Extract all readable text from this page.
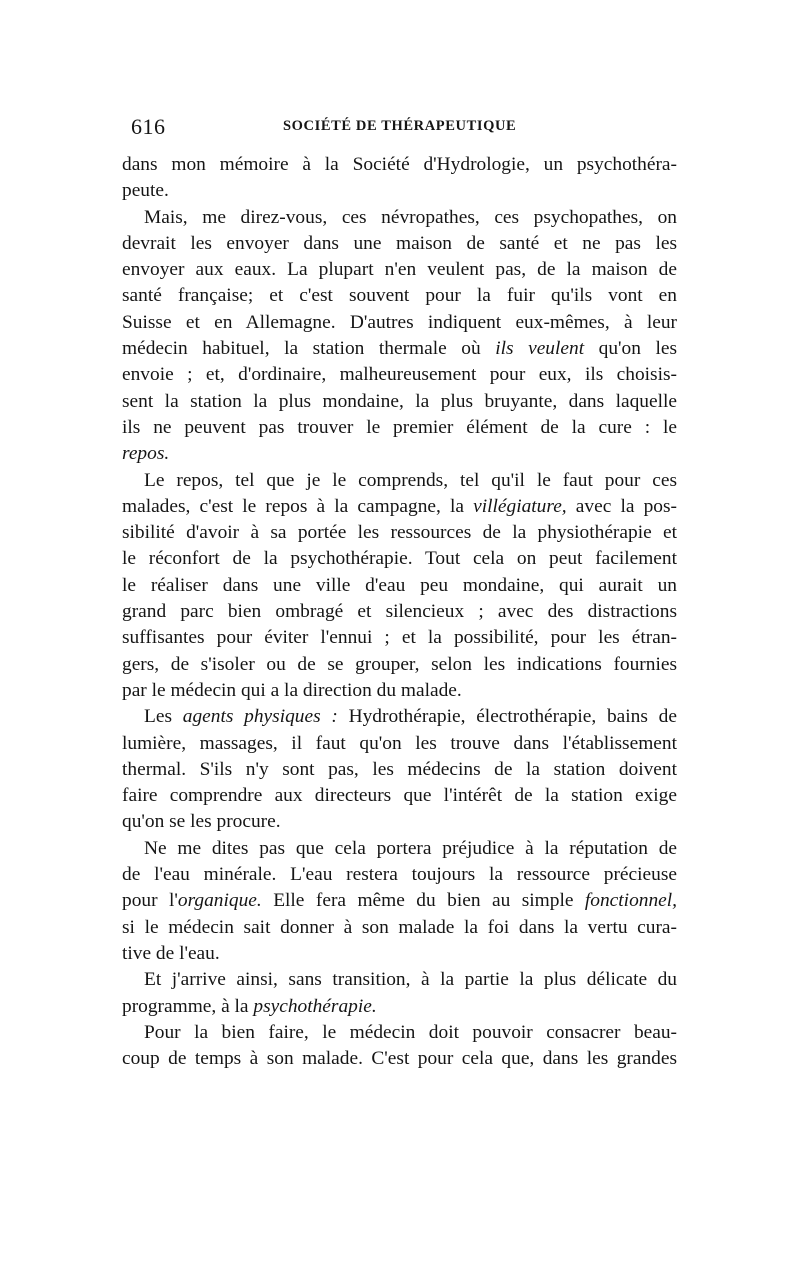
616	SOCIÉTÉ DE THÉRAPEUTIQUE
dans mon mémoire à la Société d'Hydrologie, un psychothéra-
peute.
Mais, me direz-vous, ces névropathes, ces psychopathes, on
devrait les envoyer dans une maison de santé et ne pas les
envoyer aux eaux. La plupart n'en veulent pas, de la maison de
santé française; et c'est souvent pour la fuir qu'ils vont en
Suisse et en Allemagne. D'autres indiquent eux-mêmes, à leur
médecin habituel, la station thermale où ils veulent qu'on les
envoie ; et, d'ordinaire, malheureusement pour eux, ils choisis-
sent la station la plus mondaine, la plus bruyante, dans laquelle
ils ne peuvent pas trouver le premier élément de la cure : le
repos.
Le repos, tel que je le comprends, tel qu'il le faut pour ces
malades, c'est le repos à la campagne, la villégiature, avec la pos-
sibilité d'avoir à sa portée les ressources de la physiothérapie et
le réconfort de la psychothérapie. Tout cela on peut facilement
le réaliser dans une ville d'eau peu mondaine, qui aurait un
grand parc bien ombragé et silencieux ; avec des distractions
suffisantes pour éviter l'ennui ; et la possibilité, pour les étran-
gers, de s'isoler ou de se grouper, selon les indications fournies
par le médecin qui a la direction du malade.
Les agents physiques : Hydrothérapie, électrothérapie, bains de
lumière, massages, il faut qu'on les trouve dans l'établissement
thermal. S'ils n'y sont pas, les médecins de la station doivent
faire comprendre aux directeurs que l'intérêt de la station exige
qu'on se les procure.
Ne me dites pas que cela portera préjudice à la réputation de
de l'eau minérale. L'eau restera toujours la ressource précieuse
pour l'organique. Elle fera même du bien au simple fonctionnel,
si le médecin sait donner à son malade la foi dans la vertu cura-
tive de l'eau.
Et j'arrive ainsi, sans transition, à la partie la plus délicate du
programme, à la psychothérapie.
Pour la bien faire, le médecin doit pouvoir consacrer beau-
coup de temps à son malade. C'est pour cela que, dans les grandes
